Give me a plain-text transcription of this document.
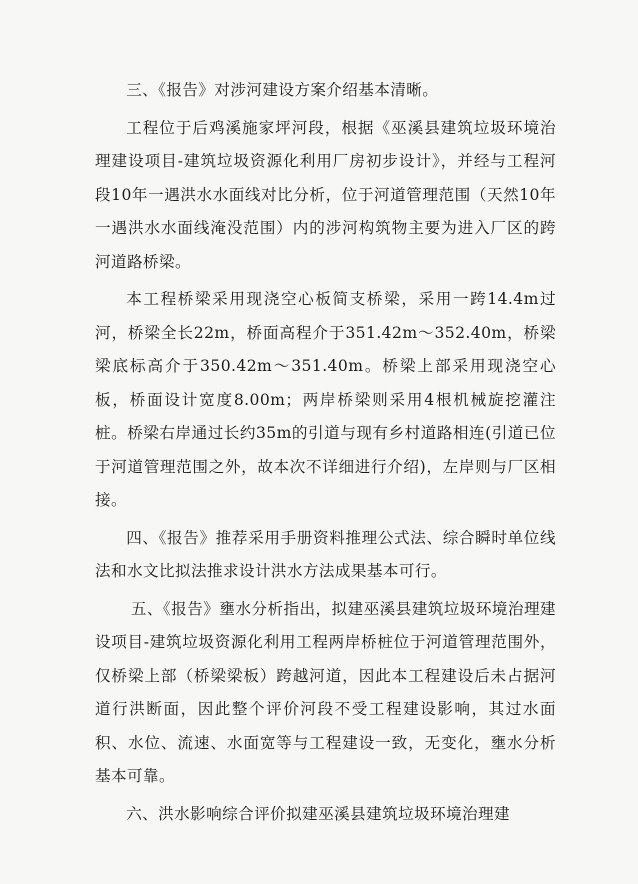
三、《报告》对涉河建设方案介绍基本清晰。

工程位于后鸡溪施家坪河段，根据《巫溪县建筑垃圾环境治理建设项目-建筑垃圾资源化利用厂房初步设计》，并经与工程河段10年一遇洪水水面线对比分析，位于河道管理范围（天然10年一遇洪水水面线淹没范围）内的涉河构筑物主要为进入厂区的跨河道路桥梁。

本工程桥梁采用现浇空心板简支桥梁，采用一跨14.4m过河，桥梁全长22m，桥面高程介于351.42m～352.40m，桥梁梁底标高介于350.42m～351.40m。桥梁上部采用现浇空心板，桥面设计宽度8.00m；两岸桥梁则采用4根机械旋挖灌注桩。桥梁右岸通过长约35m的引道与现有乡村道路相连(引道已位于河道管理范围之外，故本次不详细进行介绍)，左岸则与厂区相接。

四、《报告》推荐采用手册资料推理公式法、综合瞬时单位线法和水文比拟法推求设计洪水方法成果基本可行。

五、《报告》壅水分析指出，拟建巫溪县建筑垃圾环境治理建设项目-建筑垃圾资源化利用工程两岸桥桩位于河道管理范围外，仅桥梁上部（桥梁梁板）跨越河道，因此本工程建设后未占据河道行洪断面，因此整个评价河段不受工程建设影响，其过水面积、水位、流速、水面宽等与工程建设一致，无变化，壅水分析基本可靠。

六、洪水影响综合评价拟建巫溪县建筑垃圾环境治理建
